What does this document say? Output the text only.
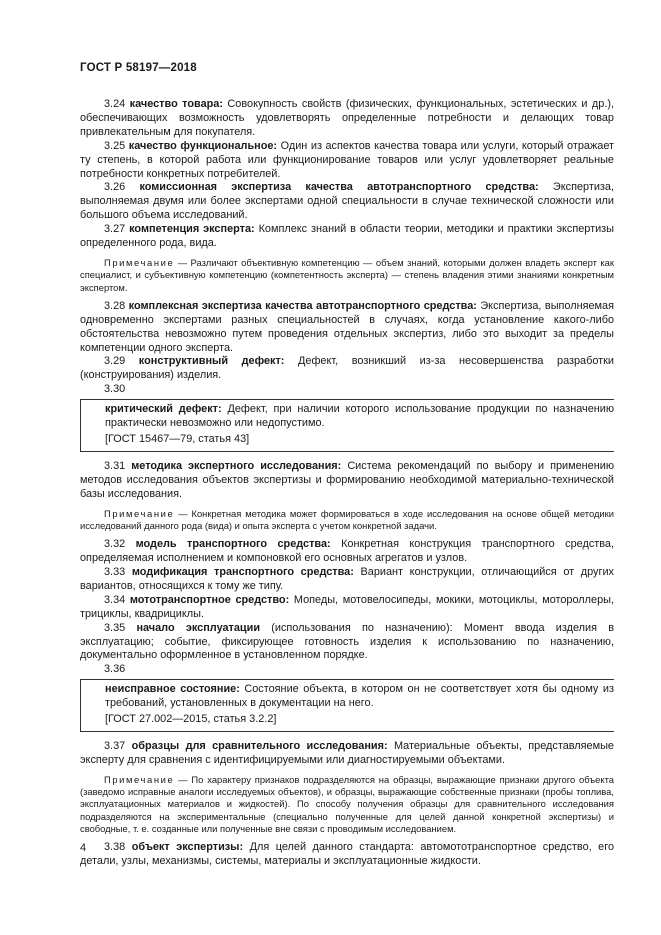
ГОСТ Р 58197—2018

3.24 качество товара: Совокупность свойств (физических, функциональных, эстетических и др.), обеспечивающих возможность удовлетворять определенные потребности и делающих товар привлекательным для покупателя.

3.25 качество функциональное: Один из аспектов качества товара или услуги, который отражает ту степень, в которой работа или функционирование товаров или услуг удовлетворяет реальные потребности конкретных потребителей.

3.26 комиссионная экспертиза качества автотранспортного средства: Экспертиза, выполняемая двумя или более экспертами одной специальности в случае технической сложности или большого объема исследований.

3.27 компетенция эксперта: Комплекс знаний в области теории, методики и практики экспертизы определенного рода, вида.

Примечание — Различают объективную компетенцию — объем знаний, которыми должен владеть эксперт как специалист, и субъективную компетенцию (компетентность эксперта) — степень владения этими знаниями конкретным экспертом.

3.28 комплексная экспертиза качества автотранспортного средства: Экспертиза, выполняемая одновременно экспертами разных специальностей в случаях, когда установление какого-либо обстоятельства невозможно путем проведения отдельных экспертиз, либо это выходит за пределы компетенции одного эксперта.

3.29 конструктивный дефект: Дефект, возникший из-за несовершенства разработки (конструирования) изделия.

3.30

критический дефект: Дефект, при наличии которого использование продукции по назначению практически невозможно или недопустимо.

[ГОСТ 15467—79, статья 43]

3.31 методика экспертного исследования: Система рекомендаций по выбору и применению методов исследования объектов экспертизы и формированию необходимой материально-технической базы исследования.

Примечание — Конкретная методика может формироваться в ходе исследования на основе общей методики исследований данного рода (вида) и опыта эксперта с учетом конкретной задачи.

3.32 модель транспортного средства: Конкретная конструкция транспортного средства, определяемая исполнением и компоновкой его основных агрегатов и узлов.

3.33 модификация транспортного средства: Вариант конструкции, отличающийся от других вариантов, относящихся к тому же типу.

3.34 мототранспортное средство: Мопеды, мотовелосипеды, мокики, мотоциклы, мотороллеры, трициклы, квадрициклы.

3.35 начало эксплуатации (использования по назначению): Момент ввода изделия в эксплуатацию; событие, фиксирующее готовность изделия к использованию по назначению, документально оформленное в установленном порядке.

3.36

неисправное состояние: Состояние объекта, в котором он не соответствует хотя бы одному из требований, установленных в документации на него.

[ГОСТ 27.002—2015, статья 3.2.2]

3.37 образцы для сравнительного исследования: Материальные объекты, представляемые эксперту для сравнения с идентифицируемыми или диагностируемыми объектами.

Примечание — По характеру признаков подразделяются на образцы, выражающие признаки другого объекта (заведомо исправные аналоги исследуемых объектов), и образцы, выражающие собственные признаки (пробы топлива, эксплуатационных материалов и жидкостей). По способу получения образцы для сравнительного исследования подразделяются на экспериментальные (специально полученные для целей данной конкретной экспертизы) и свободные, т. е. созданные или полученные вне связи с проводимым исследованием.

3.38 объект экспертизы: Для целей данного стандарта: автомототранспортное средство, его детали, узлы, механизмы, системы, материалы и эксплуатационные жидкости.

4
